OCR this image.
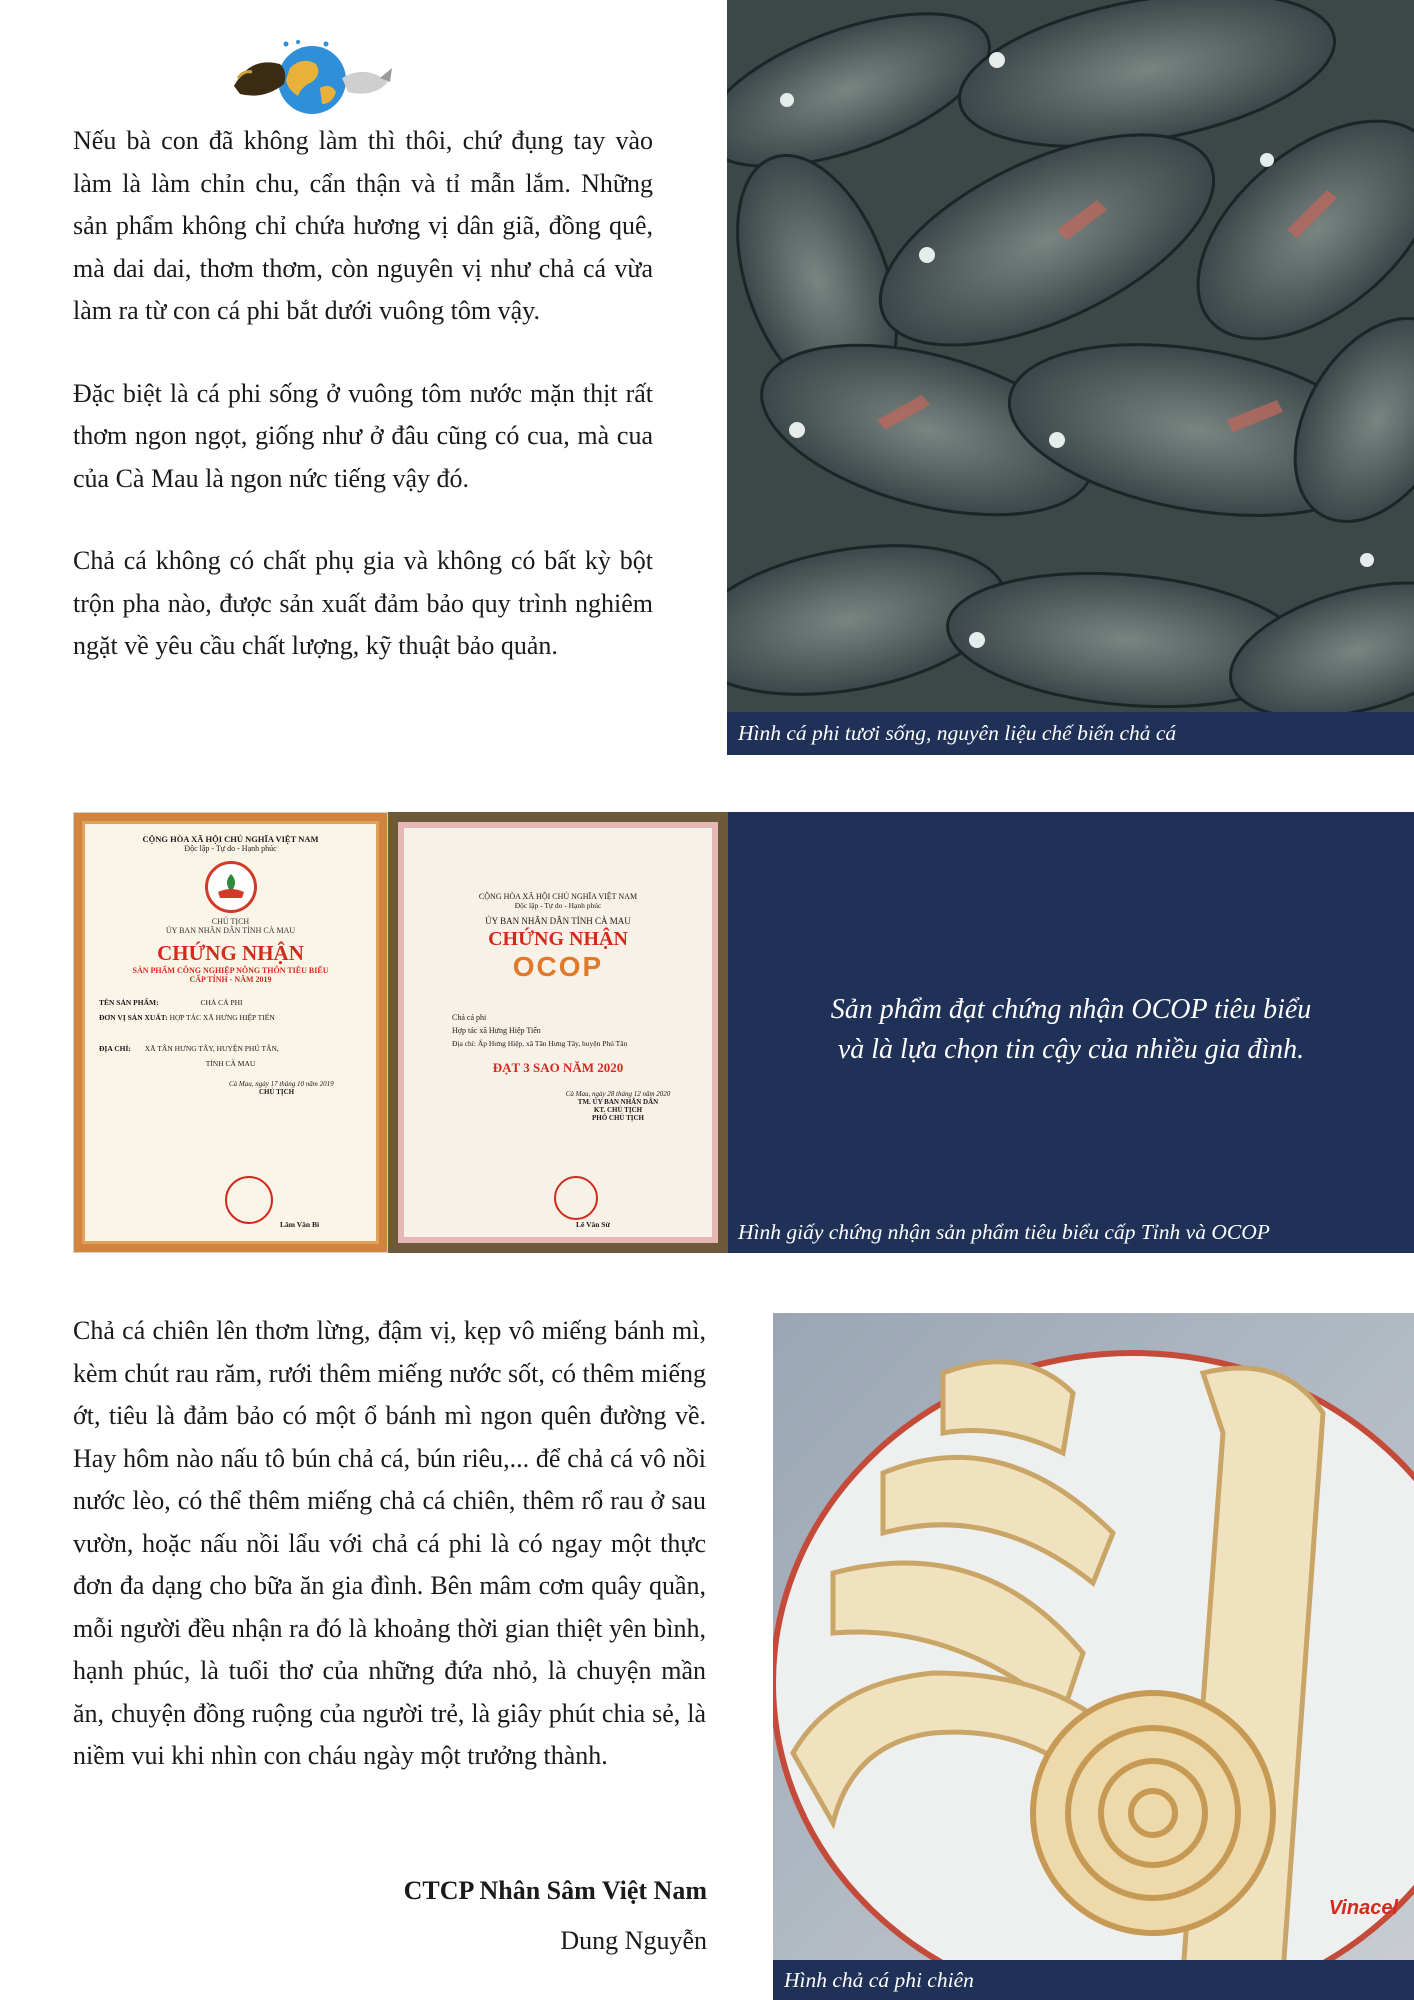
Nếu bà con đã không làm thì thôi, chứ đụng tay vào làm là làm chỉn chu, cẩn thận và tỉ mẫn lắm. Những sản phẩm không chỉ chứa hương vị dân giã, đồng quê, mà dai dai, thơm thơm, còn nguyên vị như chả cá vừa làm ra từ con cá phi bắt dưới vuông tôm vậy.

Đặc biệt là cá phi sống ở vuông tôm nước mặn thịt rất thơm ngon ngọt, giống như ở đâu cũng có cua, mà cua của Cà Mau là ngon nức tiếng vậy đó.

Chả cá không có chất phụ gia và không có bất kỳ bột trộn pha nào, được sản xuất đảm bảo quy trình nghiêm ngặt về yêu cầu chất lượng, kỹ thuật bảo quản.

Hình cá phi tươi sống, nguyên liệu chế biến chả cá
CỘNG HÒA XÃ HỘI CHỦ NGHĨA VIỆT NAM
Độc lập - Tự do - Hạnh phúc
CHỦ TỊCH
ỦY BAN NHÂN DÂN TỈNH CÀ MAU
CHỨNG NHẬN
SẢN PHẨM CÔNG NGHIỆP NÔNG THÔN TIÊU BIỂU
CẤP TỈNH - NĂM 2019
TÊN SẢN PHẨM:	CHẢ CÁ PHI
ĐƠN VỊ SẢN XUẤT: HỢP TÁC XÃ HƯNG HIỆP TIẾN
ĐỊA CHỈ: XÃ TÂN HƯNG TÂY, HUYỆN PHÚ TÂN,
TỈNH CÀ MAU
Cà Mau, ngày 17 tháng 10 năm 2019
CHỦ TỊCH
Lâm Văn Bi
CỘNG HÒA XÃ HỘI CHỦ NGHĨA VIỆT NAM
Độc lập - Tự do - Hạnh phúc
ỦY BAN NHÂN DÂN TỈNH CÀ MAU
CHỨNG NHẬN
OCOP
Chả cá phi
Hợp tác xã Hưng Hiệp Tiến
Địa chỉ: Ấp Hưng Hiệp, xã Tân Hưng Tây, huyện Phú Tân
ĐẠT 3 SAO NĂM 2020
Cà Mau, ngày 28 tháng 12 năm 2020
TM. ỦY BAN NHÂN DÂN
KT. CHỦ TỊCH
PHÓ CHỦ TỊCH
Lê Văn Sử
Sản phẩm đạt chứng nhận OCOP tiêu biểu
và là lựa chọn tin cậy của nhiều gia đình.
Hình giấy chứng nhận sản phẩm tiêu biểu cấp Tỉnh và OCOP

Chả cá chiên lên thơm lừng, đậm vị, kẹp vô miếng bánh mì, kèm chút rau răm, rưới thêm miếng nước sốt, có thêm miếng ớt, tiêu là đảm bảo có một ổ bánh mì ngon quên đường về. Hay hôm nào nấu tô bún chả cá, bún riêu,... để chả cá vô nồi nước lèo, có thể thêm miếng chả cá chiên, thêm rổ rau ở sau vườn, hoặc nấu nồi lẩu với chả cá phi là có ngay một thực đơn đa dạng cho bữa ăn gia đình. Bên mâm cơm quây quần, mỗi người đều nhận ra đó là khoảng thời gian thiệt yên bình, hạnh phúc, là tuổi thơ của những đứa nhỏ, là chuyện mần ăn, chuyện đồng ruộng của người trẻ, là giây phút chia sẻ, là niềm vui khi nhìn con cháu ngày một trưởng thành.

CTCP Nhân Sâm Việt Nam
Dung Nguyễn
Vinacel
Hình chả cá phi chiên
